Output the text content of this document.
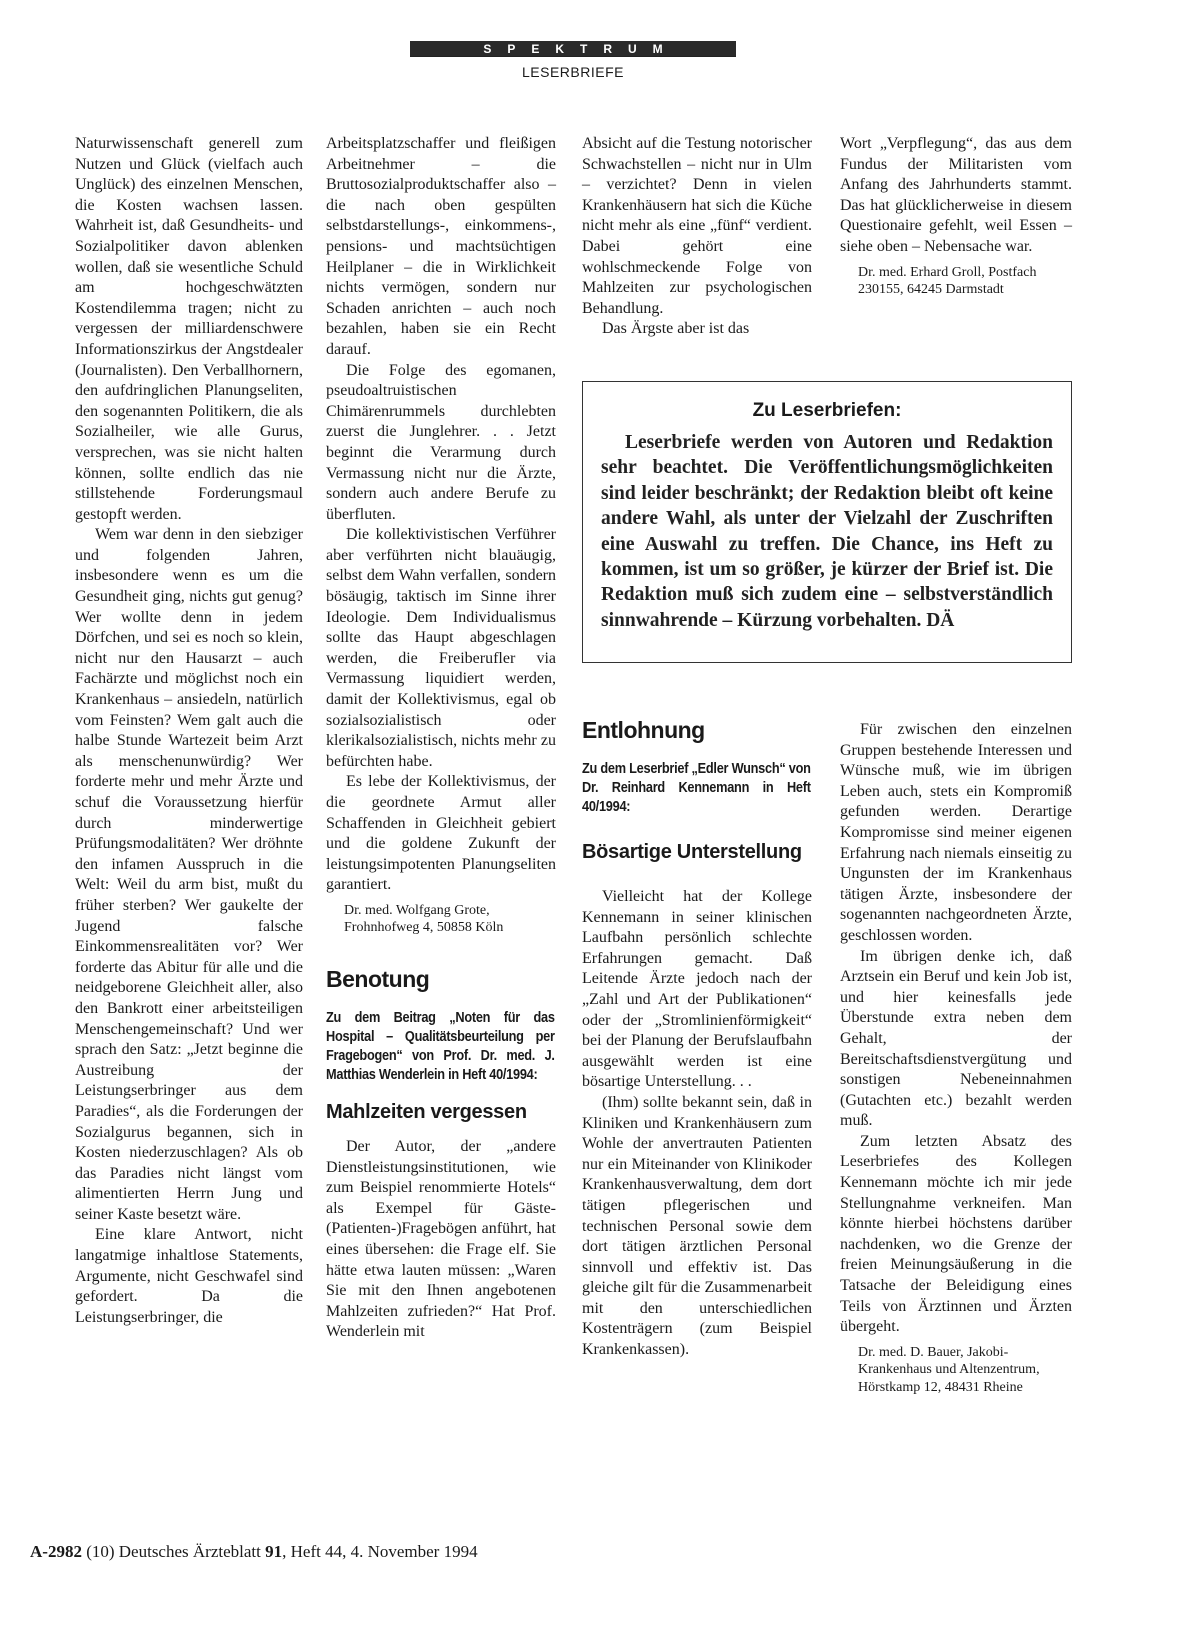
SPEKTRUM
LESERBRIEFE

Naturwissenschaft generell zum Nutzen und Glück (vielfach auch Unglück) des einzelnen Menschen, die Kosten wachsen lassen. Wahrheit ist, daß Gesundheits- und Sozialpolitiker davon ablenken wollen, daß sie wesentliche Schuld am hochgeschwätzten Kostendilemma tragen; nicht zu vergessen der milliardenschwere Informationszirkus der Angstdealer (Journalisten). Den Verballhornern, den aufdringlichen Planungseliten, den sogenannten Politikern, die als Sozialheiler, wie alle Gurus, versprechen, was sie nicht halten können, sollte endlich das nie stillstehende Forderungsmaul gestopft werden.

Wem war denn in den siebziger und folgenden Jahren, insbesondere wenn es um die Gesundheit ging, nichts gut genug? Wer wollte denn in jedem Dörfchen, und sei es noch so klein, nicht nur den Hausarzt – auch Fachärzte und möglichst noch ein Krankenhaus – ansiedeln, natürlich vom Feinsten? Wem galt auch die halbe Stunde Wartezeit beim Arzt als menschenunwürdig? Wer forderte mehr und mehr Ärzte und schuf die Voraussetzung hierfür durch minderwertige Prüfungsmodalitäten? Wer dröhnte den infamen Ausspruch in die Welt: Weil du arm bist, mußt du früher sterben? Wer gaukelte der Jugend falsche Einkommensrealitäten vor? Wer forderte das Abitur für alle und die neidgeborene Gleichheit aller, also den Bankrott einer arbeitsteiligen Menschengemeinschaft? Und wer sprach den Satz: „Jetzt beginne die Austreibung der Leistungserbringer aus dem Paradies“, als die Forderungen der Sozialgurus begannen, sich in Kosten niederzuschlagen? Als ob das Paradies nicht längst vom alimentierten Herrn Jung und seiner Kaste besetzt wäre.

Eine klare Antwort, nicht langatmige inhaltlose Statements, Argumente, nicht Geschwafel sind gefordert. Da die Leistungserbringer, die

Arbeitsplatzschaffer und fleißigen Arbeitnehmer – die Bruttosozialproduktschaffer also – die nach oben gespülten selbstdarstellungs-, einkommens-, pensions- und machtsüchtigen Heilplaner – die in Wirklichkeit nichts vermögen, sondern nur Schaden anrichten – auch noch bezahlen, haben sie ein Recht darauf.

Die Folge des egomanen, pseudoaltruistischen Chimärenrummels durchlebten zuerst die Junglehrer. . . Jetzt beginnt die Verarmung durch Vermassung nicht nur die Ärzte, sondern auch andere Berufe zu überfluten.

Die kollektivistischen Verführer aber verführten nicht blauäugig, selbst dem Wahn verfallen, sondern bösäugig, taktisch im Sinne ihrer Ideologie. Dem Individualismus sollte das Haupt abgeschlagen werden, die Freiberufler via Vermassung liquidiert werden, damit der Kollektivismus, egal ob sozialsozialistisch oder klerikalsozialistisch, nichts mehr zu befürchten habe.

Es lebe der Kollektivismus, der die geordnete Armut aller Schaffenden in Gleichheit gebiert und die goldene Zukunft der leistungsimpotenten Planungseliten garantiert.

Dr. med. Wolfgang Grote, Frohnhofweg 4, 50858 Köln

Benotung

Zu dem Beitrag „Noten für das Hospital – Qualitätsbeurteilung per Fragebogen“ von Prof. Dr. med. J. Matthias Wenderlein in Heft 40/1994:

Mahlzeiten vergessen

Der Autor, der „andere Dienstleistungsinstitutionen, wie zum Beispiel renommierte Hotels“ als Exempel für Gäste-(Patienten-)Fragebögen anführt, hat eines übersehen: die Frage elf. Sie hätte etwa lauten müssen: „Waren Sie mit den Ihnen angebotenen Mahlzeiten zufrieden?“ Hat Prof. Wenderlein mit

Absicht auf die Testung notorischer Schwachstellen – nicht nur in Ulm – verzichtet? Denn in vielen Krankenhäusern hat sich die Küche nicht mehr als eine „fünf“ verdient. Dabei gehört eine wohlschmeckende Folge von Mahlzeiten zur psychologischen Behandlung.

Das Ärgste aber ist das

Wort „Verpflegung“, das aus dem Fundus der Militaristen vom Anfang des Jahrhunderts stammt. Das hat glücklicherweise in diesem Questionaire gefehlt, weil Essen – siehe oben – Nebensache war.

Dr. med. Erhard Groll, Postfach 230155, 64245 Darmstadt

Zu Leserbriefen:

Leserbriefe werden von Autoren und Redaktion sehr beachtet. Die Veröffentlichungsmöglichkeiten sind leider beschränkt; der Redaktion bleibt oft keine andere Wahl, als unter der Vielzahl der Zuschriften eine Auswahl zu treffen. Die Chance, ins Heft zu kommen, ist um so größer, je kürzer der Brief ist. Die Redaktion muß sich zudem eine – selbstverständlich sinnwahrende – Kürzung vorbehalten. DÄ

Entlohnung

Zu dem Leserbrief „Edler Wunsch“ von Dr. Reinhard Kennemann in Heft 40/1994:

Bösartige Unterstellung

Vielleicht hat der Kollege Kennemann in seiner klinischen Laufbahn persönlich schlechte Erfahrungen gemacht. Daß Leitende Ärzte jedoch nach der „Zahl und Art der Publikationen“ oder der „Stromlinienförmigkeit“ bei der Planung der Berufslaufbahn ausgewählt werden ist eine bösartige Unterstellung. . .

(Ihm) sollte bekannt sein, daß in Kliniken und Krankenhäusern zum Wohle der anvertrauten Patienten nur ein Miteinander von Klinikoder Krankenhausverwaltung, dem dort tätigen pflegerischen und technischen Personal sowie dem dort tätigen ärztlichen Personal sinnvoll und effektiv ist. Das gleiche gilt für die Zusammenarbeit mit den unterschiedlichen Kostenträgern (zum Beispiel Krankenkassen).

Für zwischen den einzelnen Gruppen bestehende Interessen und Wünsche muß, wie im übrigen Leben auch, stets ein Kompromiß gefunden werden. Derartige Kompromisse sind meiner eigenen Erfahrung nach niemals einseitig zu Ungunsten der im Krankenhaus tätigen Ärzte, insbesondere der sogenannten nachgeordneten Ärzte, geschlossen worden.

Im übrigen denke ich, daß Arztsein ein Beruf und kein Job ist, und hier keinesfalls jede Überstunde extra neben dem Gehalt, der Bereitschaftsdienstvergütung und sonstigen Nebeneinnahmen (Gutachten etc.) bezahlt werden muß.

Zum letzten Absatz des Leserbriefes des Kollegen Kennemann möchte ich mir jede Stellungnahme verkneifen. Man könnte hierbei höchstens darüber nachdenken, wo die Grenze der freien Meinungsäußerung in die Tatsache der Beleidigung eines Teils von Ärztinnen und Ärzten übergeht.

Dr. med. D. Bauer, Jakobi-Krankenhaus und Altenzentrum, Hörstkamp 12, 48431 Rheine

A-2982 (10) Deutsches Ärzteblatt 91, Heft 44, 4. November 1994
